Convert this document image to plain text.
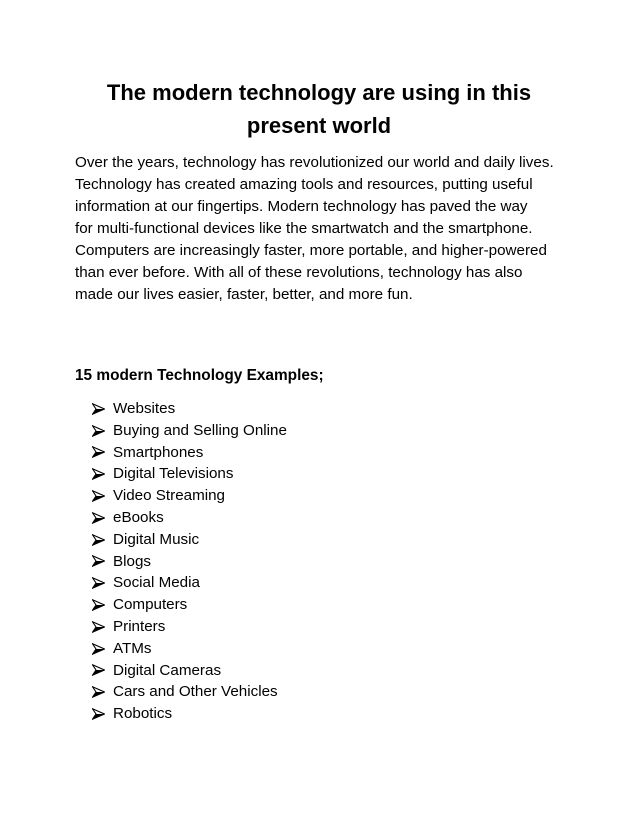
The modern technology are using in this
present world

Over the years, technology has revolutionized our world and daily lives.
Technology has created amazing tools and resources, putting useful
information at our fingertips. Modern technology has paved the way
for multi-functional devices like the smartwatch and the smartphone.
Computers are increasingly faster, more portable, and higher-powered
than ever before. With all of these revolutions, technology has also
made our lives easier, faster, better, and more fun.

15 modern Technology Examples;
Websites
Buying and Selling Online
Smartphones
Digital Televisions
Video Streaming
eBooks
Digital Music
Blogs
Social Media
Computers
Printers
ATMs
Digital Cameras
Cars and Other Vehicles
Robotics
